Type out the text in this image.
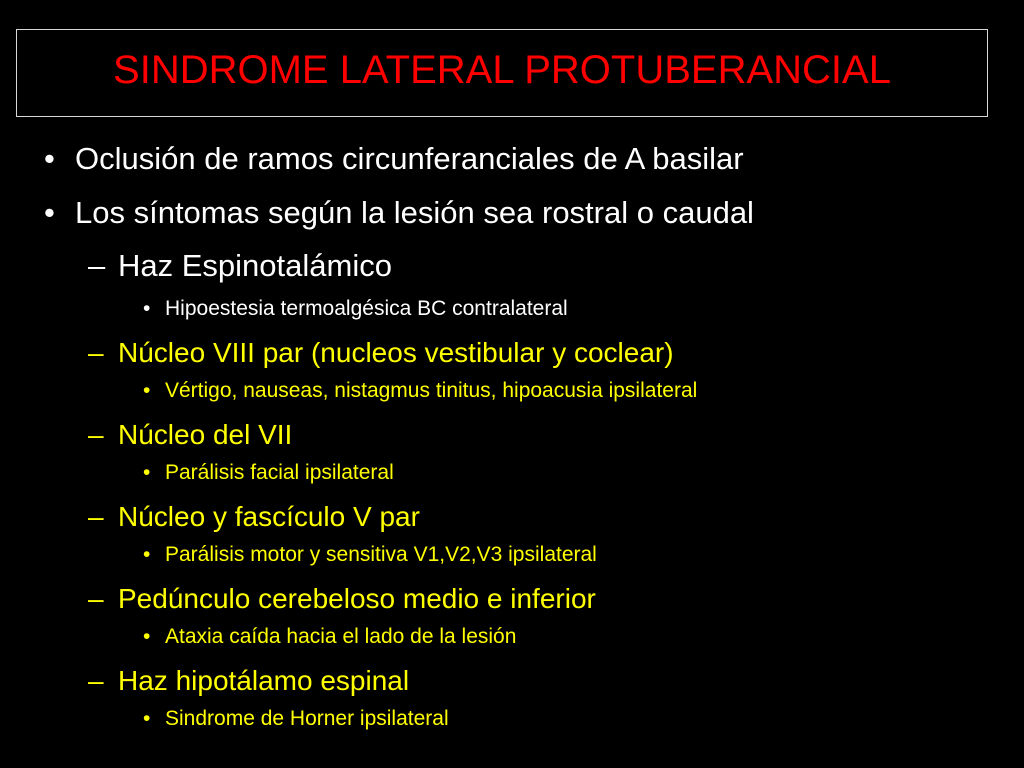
SINDROME LATERAL PROTUBERANCIAL
• Oclusión de ramos circunferanciales de A basilar
• Los síntomas según la lesión sea rostral o caudal
– Haz Espinotalámico
• Hipoestesia termoalgésica BC contralateral
– Núcleo VIII par (nucleos vestibular y coclear)
• Vértigo, nauseas, nistagmus tinitus, hipoacusia ipsilateral
– Núcleo del VII
• Parálisis facial ipsilateral
– Núcleo y fascículo V par
• Parálisis motor y sensitiva V1,V2,V3 ipsilateral
– Pedúnculo cerebeloso medio e inferior
• Ataxia caída hacia el lado de la lesión
– Haz hipotálamo espinal
• Sindrome de Horner ipsilateral
